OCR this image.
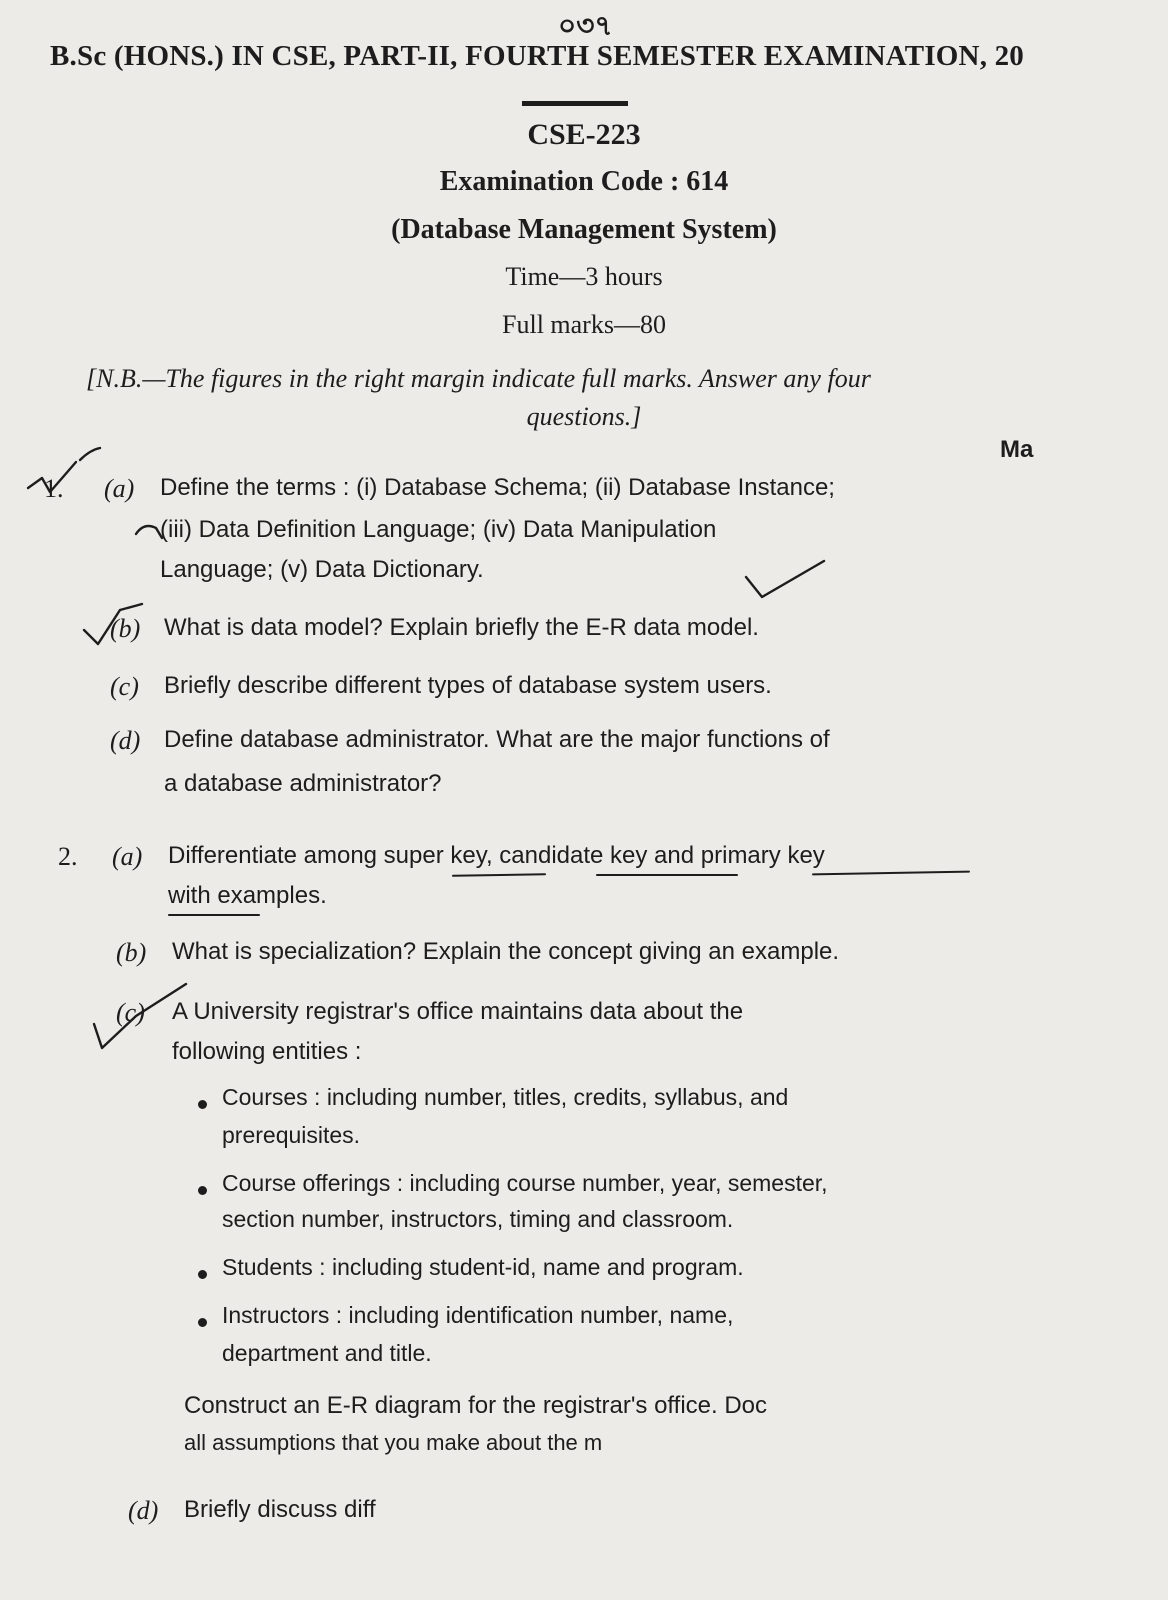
০৩৭
B.Sc (HONS.) IN CSE, PART-II, FOURTH SEMESTER EXAMINATION, 20
CSE-223
Examination Code : 614
(Database Management System)
Time—3 hours
Full marks—80
[N.B.—The figures in the right margin indicate full marks. Answer any four
questions.]
Ma
1. (a) Define the terms : (i) Database Schema; (ii) Database Instance;
(iii) Data Definition Language; (iv) Data Manipulation
Language; (v) Data Dictionary.
(b) What is data model? Explain briefly the E-R data model.
(c) Briefly describe different types of database system users.
(d) Define database administrator. What are the major functions of
a database administrator?
2. (a) Differentiate among super key, candidate key and primary key
with examples.
(b) What is specialization? Explain the concept giving an example.
(c) A University registrar's office maintains data about the
following entities :
Courses : including number, titles, credits, syllabus, and
prerequisites.
Course offerings : including course number, year, semester,
section number, instructors, timing and classroom.
Students : including student-id, name and program.
Instructors : including identification number, name,
department and title.
Construct an E-R diagram for the registrar's office. Doc
all assumptions that you make about the m
(d) Briefly discuss diff
